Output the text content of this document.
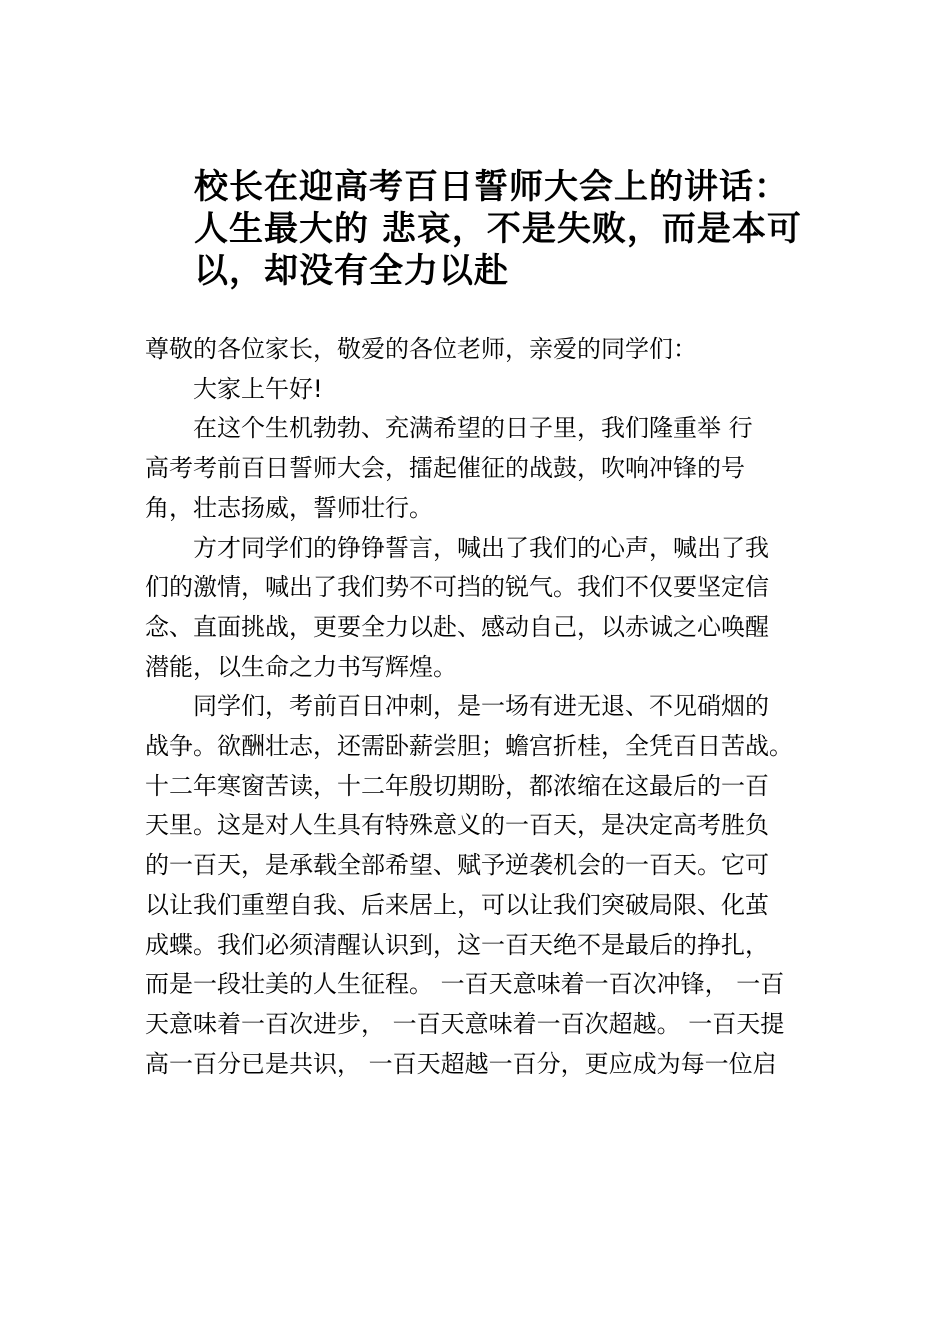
校长在迎高考百日誓师大会上的讲话：
人生最大的 悲哀，不是失败，而是本可
以，却没有全力以赴

尊敬的各位家长，敬爱的各位老师，亲爱的同学们：

　　大家上午好!

　　在这个生机勃勃、充满希望的日子里，我们隆重举 行

高考考前百日誓师大会，擂起催征的战鼓，吹响冲锋的号

角，壮志扬威，誓师壮行。

　　方才同学们的铮铮誓言，喊出了我们的心声，喊出了我

们的激情，喊出了我们势不可挡的锐气。我们不仅要坚定信

念、直面挑战，更要全力以赴、感动自己，以赤诚之心唤醒

潜能，以生命之力书写辉煌。

　　同学们，考前百日冲刺，是一场有进无退、不见硝烟的

战争。欲酬壮志，还需卧薪尝胆；蟾宫折桂，全凭百日苦战。

十二年寒窗苦读，十二年殷切期盼，都浓缩在这最后的一百

天里。这是对人生具有特殊意义的一百天，是决定高考胜负

的一百天，是承载全部希望、赋予逆袭机会的一百天。它可

以让我们重塑自我、后来居上，可以让我们突破局限、化茧

成蝶。我们必须清醒认识到，这一百天绝不是最后的挣扎，

而是一段壮美的人生征程。 一百天意味着一百次冲锋， 一百

天意味着一百次进步， 一百天意味着一百次超越。 一百天提

高一百分已是共识， 一百天超越一百分，更应成为每一位启
